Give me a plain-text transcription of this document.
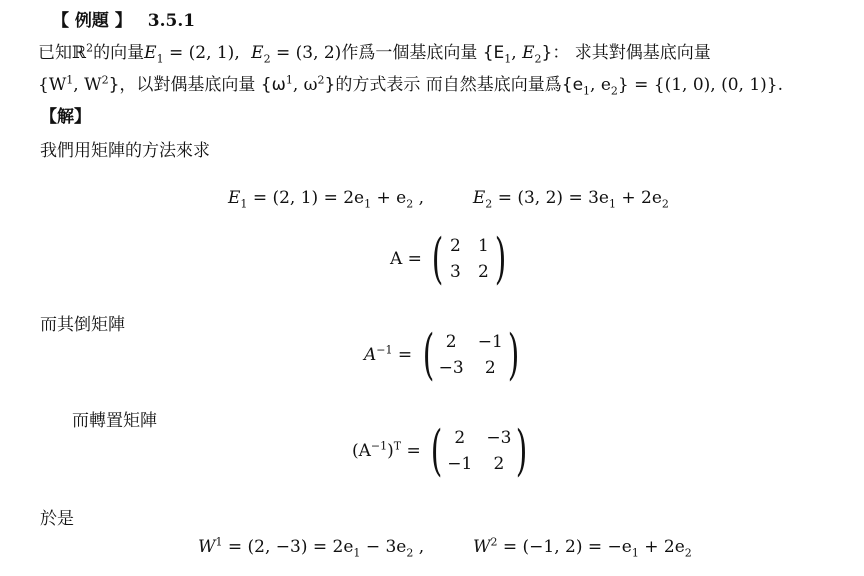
【 例題 】 3.5.1
已知ℝ$^2$的向量$E_1 = (2$, 1), $E_2 = (3$, 2)作爲一個基底向量 {$E_1$, $E_2$}： 求其對偶基底向量
{$W^1$, $W^2$}，以對偶基底向量 {$\omega^1$, $\omega^2$}的方式表示 而自然基底向量爲{$e_1$, $e_2\} = \{(1$, 0), (0, 1)}.
【解】
我們用矩陣的方法來求
$E_1 = (2$, $1) = 2e_1 + e_2$ ,	$E_2 = (3$, $2) = 3e_1 + 2e_2$
A = ( 2 1
3 2 )
而其倒矩陣
$A^{-1}$ = ( 2	−1
−3	2 )
而轉置矩陣
$(A^{-1})^T$ = ( 2	−3
−1	2 )
於是
$W^1 = (2$, $-3) = 2e_1 - 3e_2$ ,	$W^2 = (-1$, $2) = -e_1 + 2e_2$
